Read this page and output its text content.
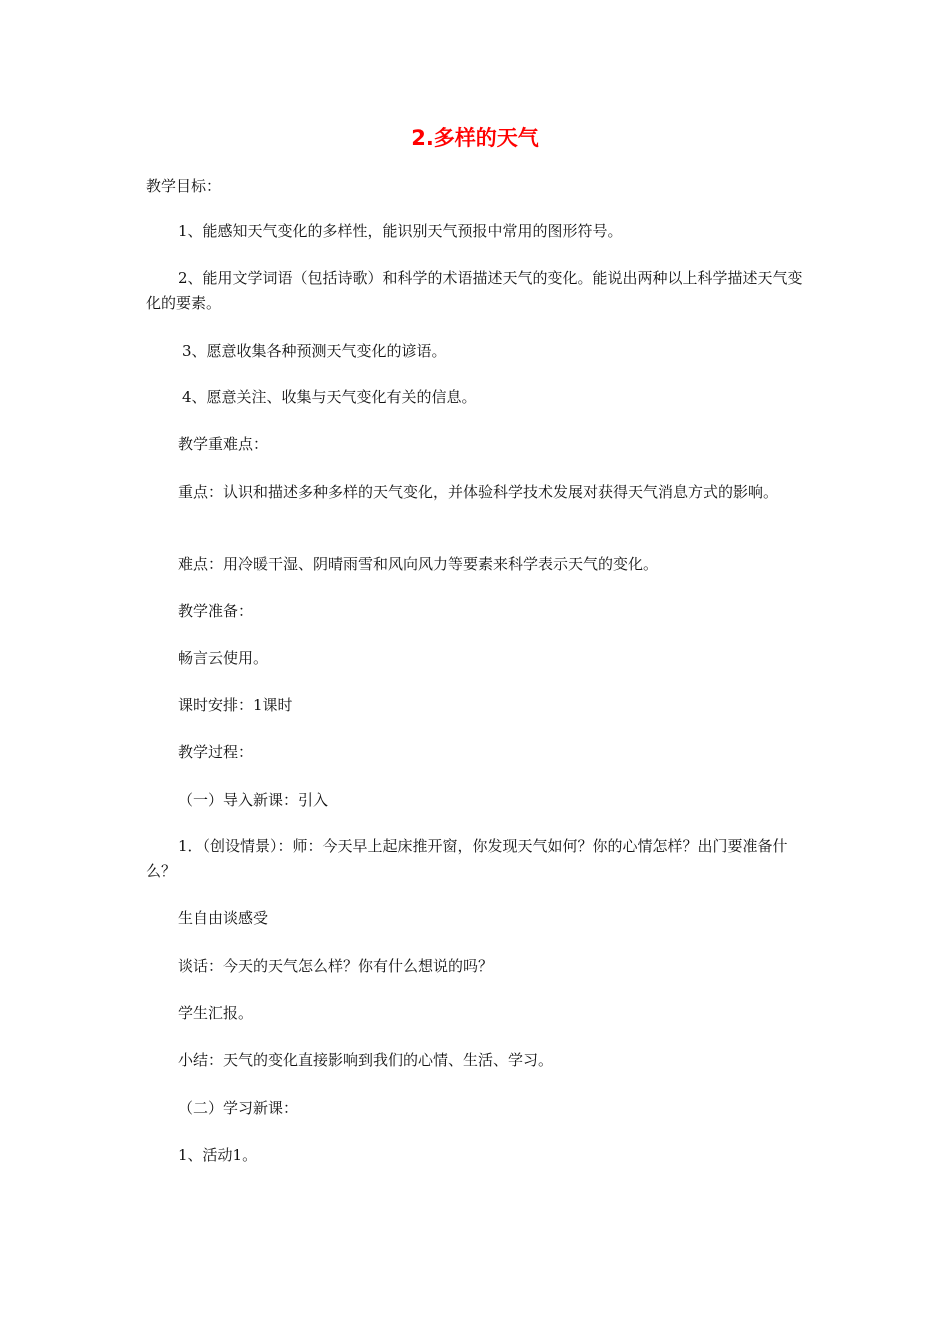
2.多样的天气

教学目标：

1、能感知天气变化的多样性，能识别天气预报中常用的图形符号。

2、能用文学词语（包括诗歌）和科学的术语描述天气的变化。能说出两种以上科学描述天气变化的要素。

3、愿意收集各种预测天气变化的谚语。

4、愿意关注、收集与天气变化有关的信息。

教学重难点：

重点：认识和描述多种多样的天气变化，并体验科学技术发展对获得天气消息方式的影响。

难点：用冷暖干湿、阴晴雨雪和风向风力等要素来科学表示天气的变化。

教学准备：

畅言云使用。

课时安排：1课时

教学过程：

（一）导入新课：引入

1．（创设情景）：师：今天早上起床推开窗，你发现天气如何？你的心情怎样？出门要准备什么？

生自由谈感受

谈话：今天的天气怎么样？你有什么想说的吗？

学生汇报。

小结：天气的变化直接影响到我们的心情、生活、学习。

（二）学习新课：

1、活动1。
